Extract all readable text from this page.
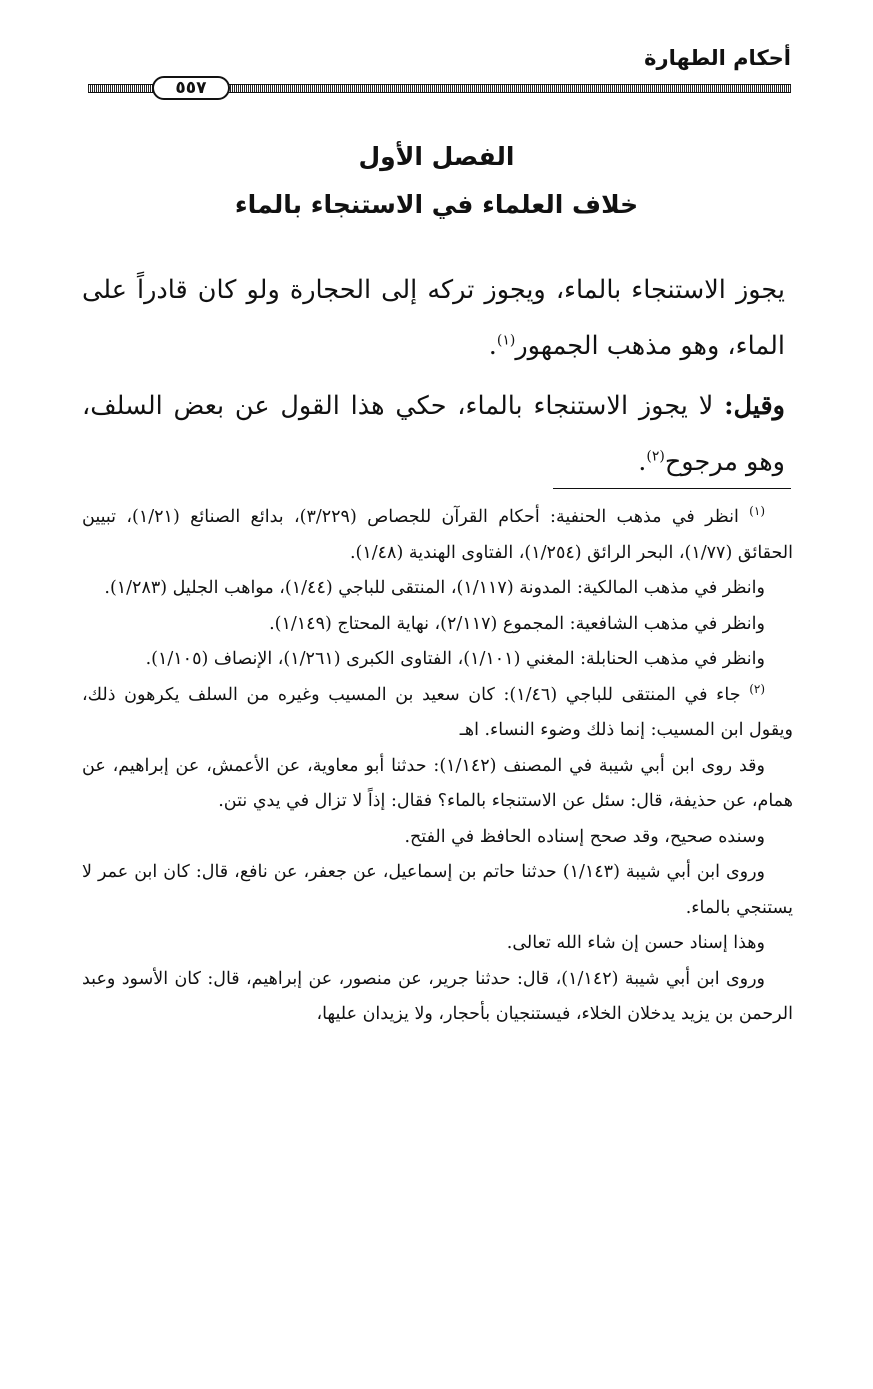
أحكام الطهارة
٥٥٧
الفصل الأول
خلاف العلماء في الاستنجاء بالماء

يجوز الاستنجاء بالماء، ويجوز تركه إلى الحجارة ولو كان قادراً على الماء، وهو مذهب الجمهور$^{(١)}$.

وقيل: لا يجوز الاستنجاء بالماء، حكي هذا القول عن بعض السلف، وهو مرجوح$^{(٢)}$.

$^{(١)}$ انظر في مذهب الحنفية: أحكام القرآن للجصاص (٣/٢٢٩)، بدائع الصنائع (١/٢١)، تبيين الحقائق (١/٧٧)، البحر الرائق (١/٢٥٤)، الفتاوى الهندية (١/٤٨).

وانظر في مذهب المالكية: المدونة (١/١١٧)، المنتقى للباجي (١/٤٤)، مواهب الجليل (١/٢٨٣).

وانظر في مذهب الشافعية: المجموع (٢/١١٧)، نهاية المحتاج (١/١٤٩).

وانظر في مذهب الحنابلة: المغني (١/١٠١)، الفتاوى الكبرى (١/٢٦١)، الإنصاف (١/١٠٥).

$^{(٢)}$ جاء في المنتقى للباجي (١/٤٦): كان سعيد بن المسيب وغيره من السلف يكرهون ذلك، ويقول ابن المسيب: إنما ذلك وضوء النساء. اهـ

وقد روى ابن أبي شيبة في المصنف (١/١٤٢): حدثنا أبو معاوية، عن الأعمش، عن إبراهيم، عن همام، عن حذيفة، قال: سئل عن الاستنجاء بالماء؟ فقال: إذاً لا تزال في يدي نتن.

وسنده صحيح، وقد صحح إسناده الحافظ في الفتح.

وروى ابن أبي شيبة (١/١٤٣) حدثنا حاتم بن إسماعيل، عن جعفر، عن نافع، قال: كان ابن عمر لا يستنجي بالماء.

وهذا إسناد حسن إن شاء الله تعالى.

وروى ابن أبي شيبة (١/١٤٢)، قال: حدثنا جرير، عن منصور، عن إبراهيم، قال: كان الأسود وعبد الرحمن بن يزيد يدخلان الخلاء، فيستنجيان بأحجار، ولا يزيدان عليها،
